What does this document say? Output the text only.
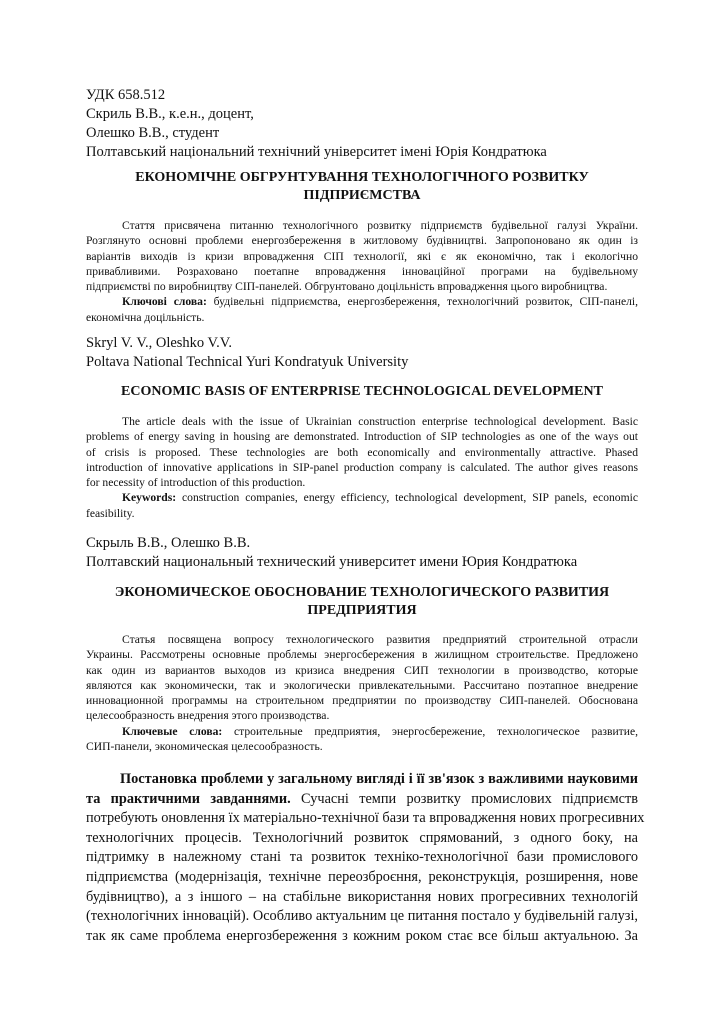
УДК 658.512
Скриль В.В., к.е.н., доцент,
Олешко В.В., студент
Полтавський національний технічний університет імені Юрія Кондратюка
ЕКОНОМІЧНЕ ОБГРУНТУВАННЯ ТЕХНОЛОГІЧНОГО РОЗВИТКУ
ПІДПРИЄМСТВА
Стаття присвячена питанню технологічного розвитку підприємств будівельної галузі України.
Розглянуто основні проблеми енергозбереження в житловому будівництві. Запропоновано як один із
варіантів виходів із кризи впровадження СІП технології, які є як економічно, так і екологічно
привабливими. Розраховано поетапне впровадження інноваційної програми на будівельному
підприємстві по виробництву СІП-панелей. Обгрунтовано доцільність впровадження цього виробництва.
Ключові слова: будівельні підприємства, енергозбереження, технологічний розвиток, СІП-панелі,
економічна доцільність.
Skryl V. V., Oleshko V.V.
Poltava National Technical Yuri Kondratyuk University
ECONOMIC BASIS OF ENTERPRISE TECHNOLOGICAL DEVELOPMENT
The article deals with the issue of Ukrainian construction enterprise technological development. Basic
problems of energy saving in housing are demonstrated. Introduction of SIP technologies as one of the ways out
of crisis is proposed. These technologies are both economically and environmentally attractive. Phased
introduction of innovative applications in SIP-panel production company is calculated. The author gives reasons
for necessity of introduction of this production.
Keywords: construction companies, energy efficiency, technological development, SIP panels, economic
feasibility.
Скрыль В.В., Олешко В.В.
Полтавский национальный технический университет имени Юрия Кондратюка
ЭКОНОМИЧЕСКОЕ ОБОСНОВАНИЕ ТЕХНОЛОГИЧЕСКОГО РАЗВИТИЯ
ПРЕДПРИЯТИЯ
Статья посвящена вопросу технологического развития предприятий строительной отрасли
Украины. Рассмотрены основные проблемы энергосбережения в жилищном строительстве. Предложено
как один из вариантов выходов из кризиса внедрения СИП технологии в производство, которые
являются как экономически, так и экологически привлекательными. Рассчитано поэтапное внедрение
инновационной программы на строительном предприятии по производству СИП-панелей. Обоснована
целесообразность внедрения этого производства.
Ключевые слова: строительные предприятия, энергосбережение, технологическое развитие,
СИП-панели, экономическая целесообразность.
Постановка проблеми у загальному вигляді і її зв'язок з важливими науковими
та практичними завданнями. Сучасні темпи розвитку промислових підприємств
потребують оновлення їх матеріально-технічної бази та впровадження нових прогресивних
технологічних процесів. Технологічний розвиток спрямований, з одного боку, на
підтримку в належному стані та розвиток техніко-технологічної бази промислового
підприємства (модернізація, технічне переозброєння, реконструкція, розширення, нове
будівництво), а з іншого – на стабільне використання нових прогресивних технологій
(технологічних інновацій). Особливо актуальним це питання постало у будівельній галузі,
так як саме проблема енергозбереження з кожним роком стає все більш актуальною. За
